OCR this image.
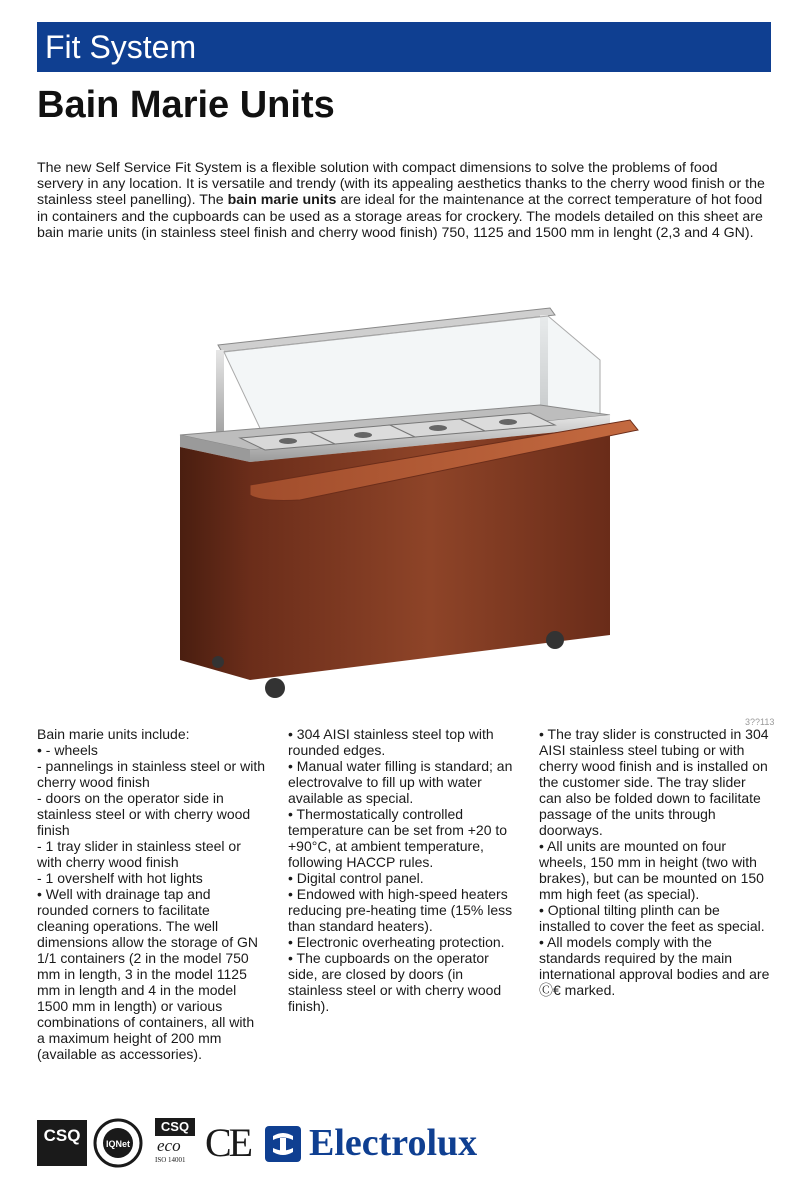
Fit System
Bain Marie Units

The new Self Service Fit System is a flexible solution with compact dimensions to solve the problems of food servery in any location. It is versatile and trendy (with its appealing aesthetics thanks to the cherry wood finish or the stainless steel panelling). The bain marie units are ideal for the maintenance at the correct temperature of hot food in containers and the cupboards can be used as a storage areas for crockery. The models detailed on this sheet are bain marie units (in stainless steel finish and cherry wood finish) 750, 1125 and 1500 mm in lenght (2,3 and 4 GN).

3??113

Bain marie units include:

• - wheels

- pannelings in stainless steel or with cherry wood finish

- doors on the operator side in stainless steel or with cherry wood finish

- 1 tray slider in stainless steel or with cherry wood finish

- 1 overshelf with hot lights

• Well with drainage tap and rounded corners to facilitate cleaning operations. The well dimensions allow the storage of GN 1/1 containers (2 in the model 750 mm in length, 3 in the model 1125 mm in length and 4 in the model 1500 mm in length) or various combinations of containers, all with a maximum height of 200 mm (available as accessories).

• 304 AISI stainless steel top with rounded edges.

• Manual water filling is standard; an electrovalve to fill up with water available as special.

• Thermostatically controlled temperature can be set from +20 to +90°C, at ambient temperature, following HACCP rules.

• Digital control panel.

• Endowed with high-speed heaters reducing pre-heating time (15% less than standard heaters).

• Electronic overheating protection.

• The cupboards on the operator side, are closed by doors (in stainless steel or with cherry wood finish).

• The tray slider is constructed in 304 AISI stainless steel tubing or with cherry wood finish and is installed on the customer side. The tray slider can also be folded down to facilitate passage of the units through doorways.

• All units are mounted on four wheels, 150 mm in height (two with brakes), but can be mounted on 150 mm high feet (as special).

• Optional tilting plinth can be installed to cover the feet as special.

• All models comply with the standards required by the main international approval bodies and are Ⓒ€ marked.

CSQ	IQNet
CSQ
eco
ISO 14001 CE Electrolux
